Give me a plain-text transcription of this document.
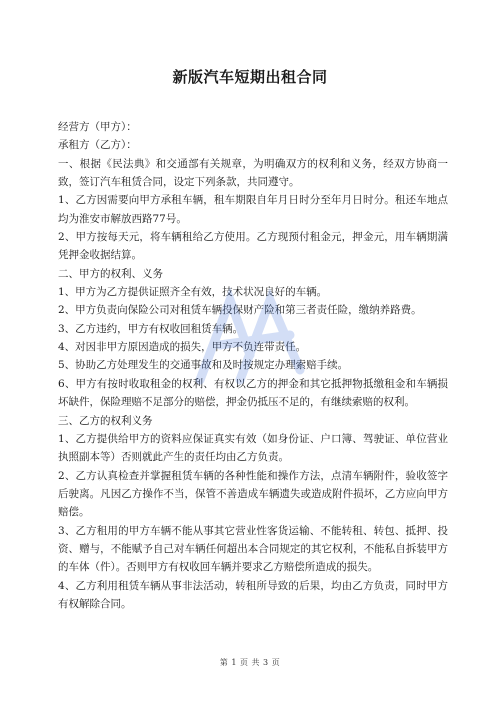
新版汽车短期出租合同

经营方（甲方）：

承租方（乙方）：

一、根据《民法典》和交通部有关规章，为明确双方的权利和义务，经双方协商一致，签订汽车租赁合同，设定下列条款，共同遵守。

1、乙方因需要向甲方承租车辆，租车期限自年月日时分至年月日时分。租还车地点均为淮安市解放西路77号。

2、甲方按每天元，将车辆租给乙方使用。乙方现预付租金元，押金元，用车辆期满凭押金收据结算。

二、甲方的权利、义务

1、甲方为乙方提供证照齐全有效，技术状况良好的车辆。

2、甲方负责向保险公司对租赁车辆投保财产险和第三者责任险，缴纳养路费。

3、乙方违约，甲方有权收回租赁车辆。

4、对因非甲方原因造成的损失，甲方不负连带责任。

5、协助乙方处理发生的交通事故和及时按规定办理索赔手续。

6、甲方有按时收取租金的权利、有权以乙方的押金和其它抵押物抵缴租金和车辆损坏缺件，保险理赔不足部分的赔偿，押金仍抵压不足的，有继续索赔的权利。

三、乙方的权利义务

1、乙方提供给甲方的资料应保证真实有效（如身份证、户口簿、驾驶证、单位营业执照副本等）否则就此产生的责任均由乙方负责。

2、乙方认真检查并掌握租赁车辆的各种性能和操作方法，点清车辆附件，验收签字后驶离。凡因乙方操作不当，保管不善造成车辆遗失或造成附件损坏，乙方应向甲方赔偿。

3、乙方租用的甲方车辆不能从事其它营业性客货运输、不能转租、转包、抵押、投资、赠与，不能赋予自己对车辆任何超出本合同规定的其它权利，不能私自拆装甲方的车体（件）。否则甲方有权收回车辆并要求乙方赔偿所造成的损失。

4、乙方利用租赁车辆从事非法活动，转租所导致的后果，均由乙方负责，同时甲方有权解除合同。

第 1 页 共 3 页
